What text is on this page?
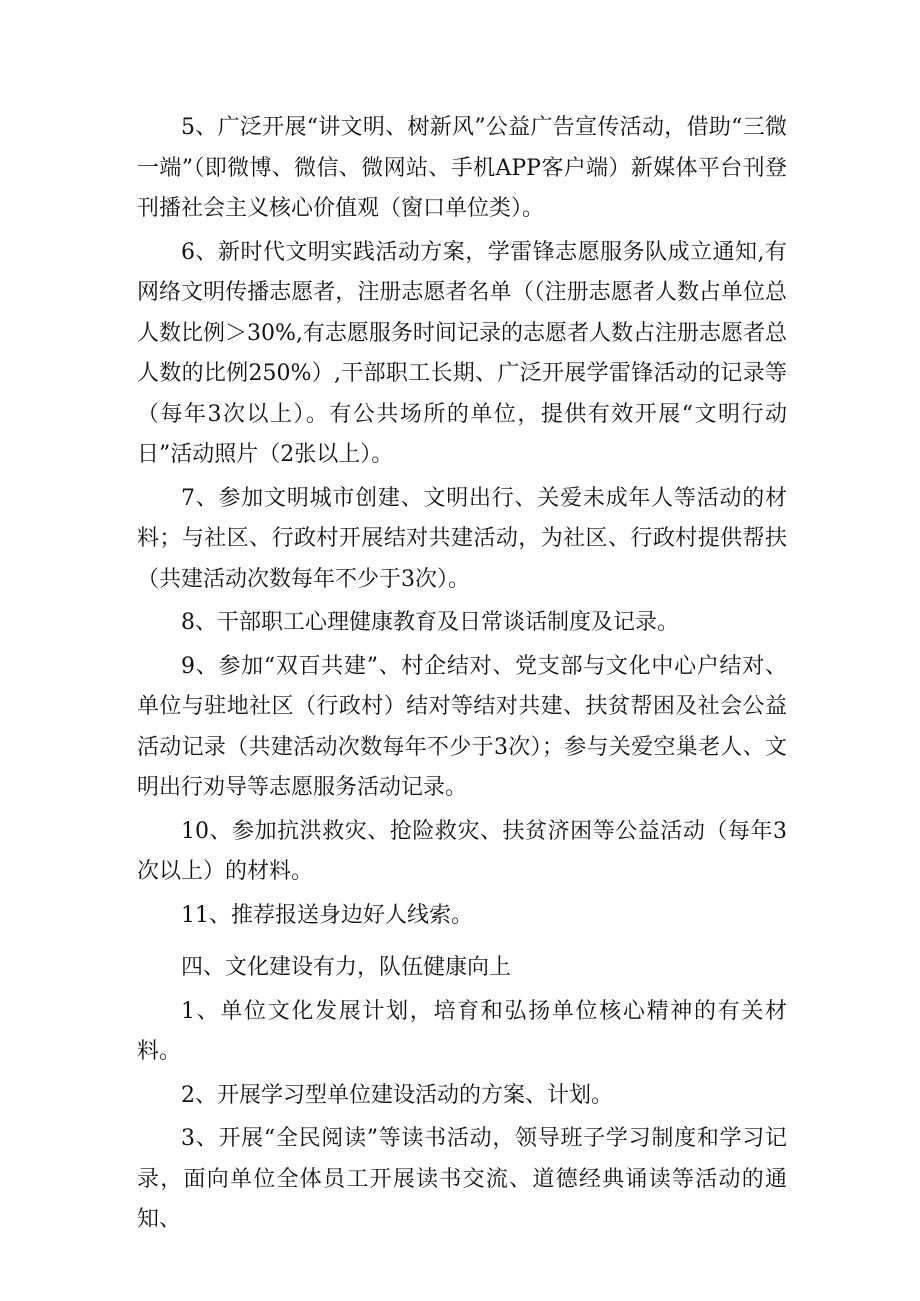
5、广泛开展“讲文明、树新风”公益广告宣传活动，借助“三微一端”（即微博、微信、微网站、手机APP客户端）新媒体平台刊登刊播社会主义核心价值观（窗口单位类）。

6、新时代文明实践活动方案，学雷锋志愿服务队成立通知,有网络文明传播志愿者，注册志愿者名单（（注册志愿者人数占单位总人数比例＞30%,有志愿服务时间记录的志愿者人数占注册志愿者总人数的比例250%）,干部职工长期、广泛开展学雷锋活动的记录等（每年3次以上）。有公共场所的单位，提供有效开展“文明行动日”活动照片（2张以上）。

7、参加文明城市创建、文明出行、关爱未成年人等活动的材料；与社区、行政村开展结对共建活动，为社区、行政村提供帮扶（共建活动次数每年不少于3次）。

8、干部职工心理健康教育及日常谈话制度及记录。

9、参加“双百共建”、村企结对、党支部与文化中心户结对、单位与驻地社区（行政村）结对等结对共建、扶贫帮困及社会公益活动记录（共建活动次数每年不少于3次）；参与关爱空巢老人、文明出行劝导等志愿服务活动记录。

10、参加抗洪救灾、抢险救灾、扶贫济困等公益活动（每年3次以上）的材料。

11、推荐报送身边好人线索。

四、文化建设有力，队伍健康向上

1、单位文化发展计划，培育和弘扬单位核心精神的有关材料。

2、开展学习型单位建设活动的方案、计划。

3、开展“全民阅读”等读书活动，领导班子学习制度和学习记录，面向单位全体员工开展读书交流、道德经典诵读等活动的通知、
